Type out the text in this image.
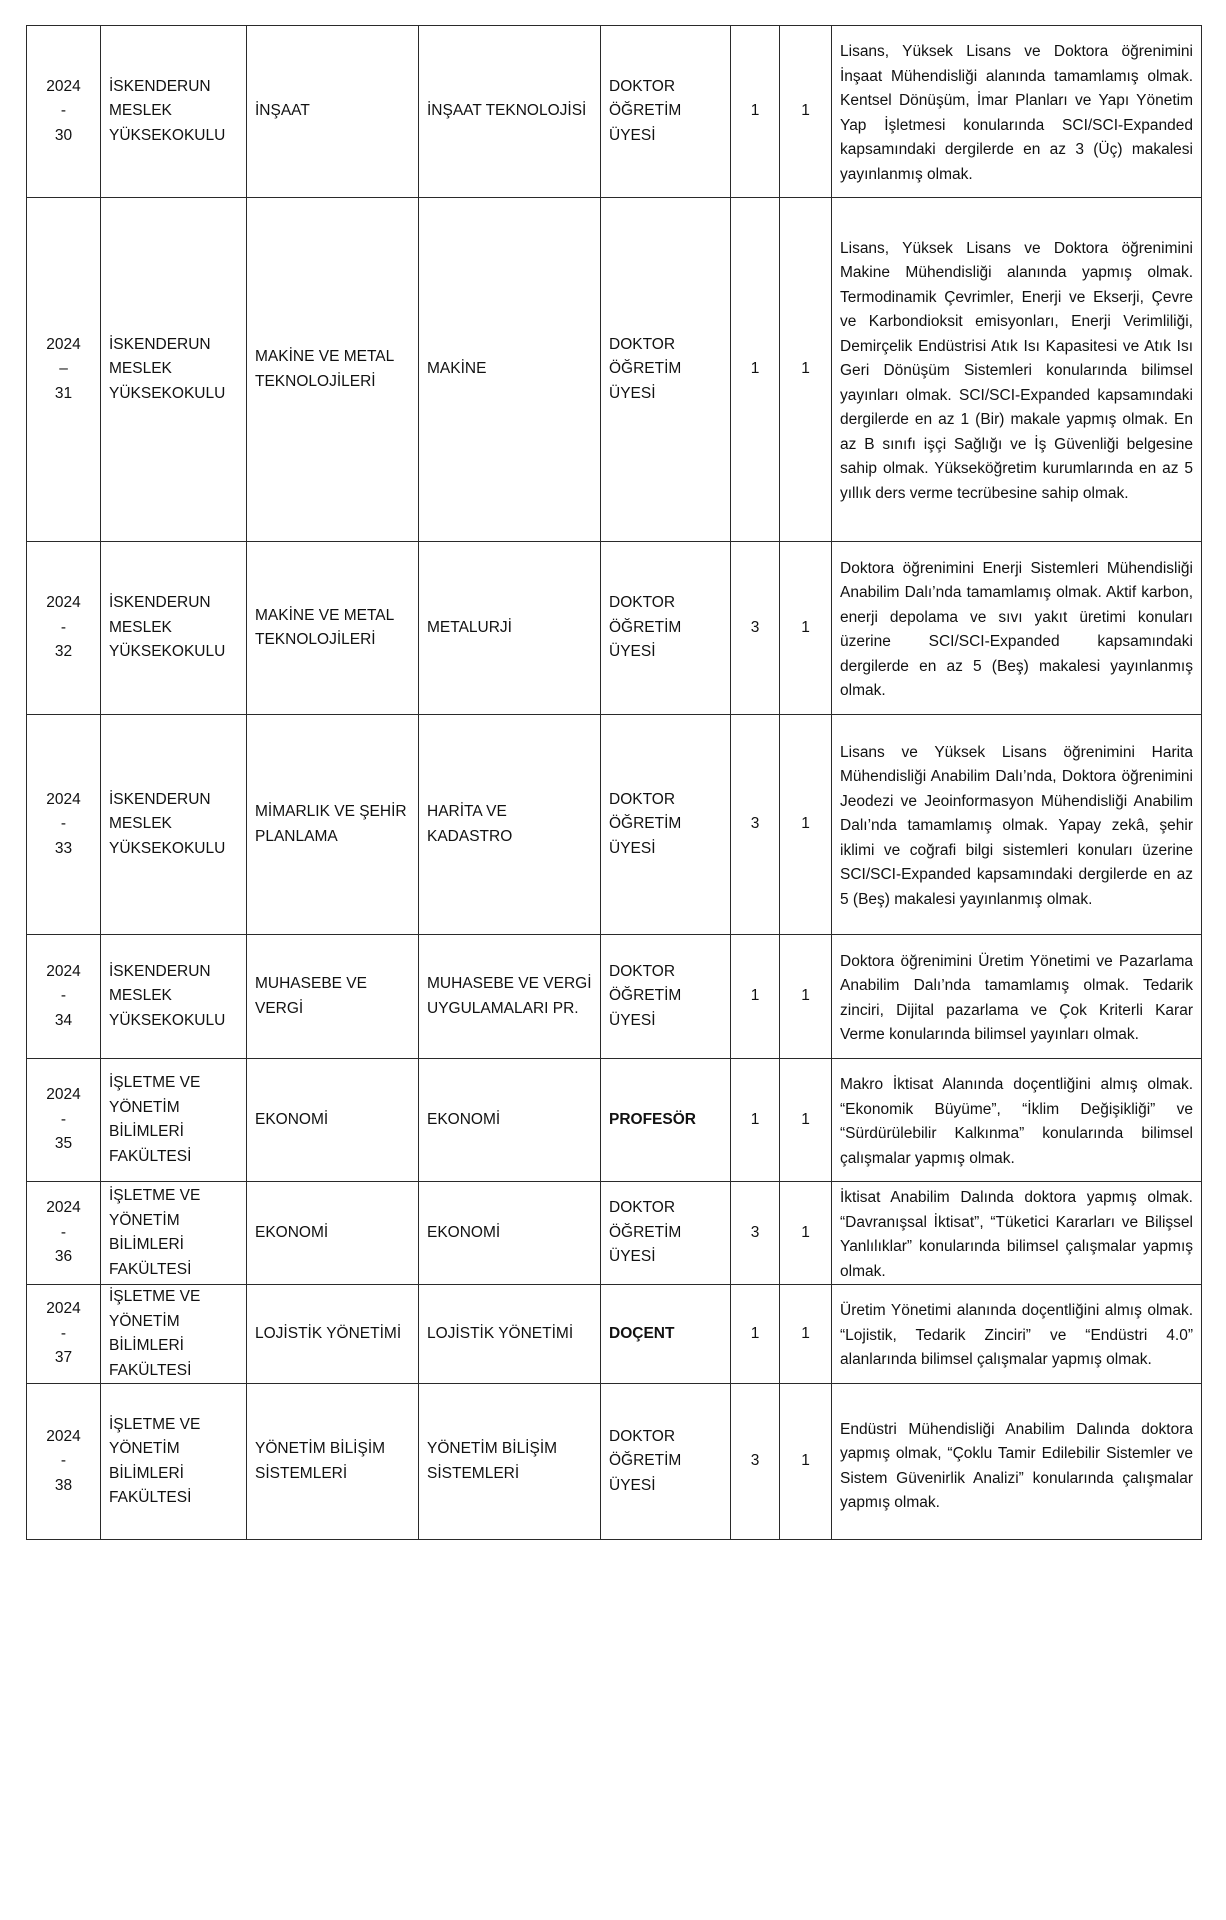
2024
-
30
	İSKENDERUN MESLEK YÜKSEKOKULU	İNŞAAT	İNŞAAT TEKNOLOJİSİ	DOKTOR ÖĞRETİM ÜYESİ	1	1	Lisans, Yüksek Lisans ve Doktora öğrenimini İnşaat Mühendisliği alanında tamamlamış olmak. Kentsel Dönüşüm, İmar Planları ve Yapı Yönetim Yap İşletmesi konularında SCI/SCI-Expanded kapsamındaki dergilerde en az 3 (Üç) makalesi yayınlanmış olmak.

2024
–
31
	İSKENDERUN MESLEK YÜKSEKOKULU	MAKİNE VE METAL TEKNOLOJİLERİ	MAKİNE	DOKTOR ÖĞRETİM ÜYESİ	1	1	Lisans, Yüksek Lisans ve Doktora öğrenimini Makine Mühendisliği alanında yapmış olmak. Termodinamik Çevrimler, Enerji ve Ekserji, Çevre ve Karbondioksit emisyonları, Enerji Verimliliği, Demirçelik Endüstrisi Atık Isı Kapasitesi ve Atık Isı Geri Dönüşüm Sistemleri konularında bilimsel yayınları olmak. SCI/SCI-Expanded kapsamındaki dergilerde en az 1 (Bir) makale yapmış olmak. En az B sınıfı işçi Sağlığı ve İş Güvenliği belgesine sahip olmak. Yükseköğretim kurumlarında en az 5 yıllık ders verme tecrübesine sahip olmak.

2024
-
32
	İSKENDERUN MESLEK YÜKSEKOKULU	MAKİNE VE METAL TEKNOLOJİLERİ	METALURJİ	DOKTOR ÖĞRETİM ÜYESİ	3	1	Doktora öğrenimini Enerji Sistemleri Mühendisliği Anabilim Dalı’nda tamamlamış olmak. Aktif karbon, enerji depolama ve sıvı yakıt üretimi konuları üzerine SCI/SCI-Expanded kapsamındaki dergilerde en az 5 (Beş) makalesi yayınlanmış olmak.

2024
-
33
	İSKENDERUN MESLEK YÜKSEKOKULU	MİMARLIK VE ŞEHİR PLANLAMA	HARİTA VE KADASTRO	DOKTOR ÖĞRETİM ÜYESİ	3	1	Lisans ve Yüksek Lisans öğrenimini Harita Mühendisliği Anabilim Dalı’nda, Doktora öğrenimini Jeodezi ve Jeoinformasyon Mühendisliği Anabilim Dalı’nda tamamlamış olmak. Yapay zekâ, şehir iklimi ve coğrafi bilgi sistemleri konuları üzerine SCI/SCI-Expanded kapsamındaki dergilerde en az 5 (Beş) makalesi yayınlanmış olmak.

2024
-
34	İSKENDERUN MESLEK YÜKSEKOKULU	MUHASEBE VE VERGİ	MUHASEBE VE VERGİ UYGULAMALARI PR.	DOKTOR ÖĞRETİM ÜYESİ	1	1	Doktora öğrenimini Üretim Yönetimi ve Pazarlama Anabilim Dalı’nda tamamlamış olmak. Tedarik zinciri, Dijital pazarlama ve Çok Kriterli Karar Verme konularında bilimsel yayınları olmak.

2024
-
35	İŞLETME VE YÖNETİM BİLİMLERİ FAKÜLTESİ	EKONOMİ	EKONOMİ	PROFESÖR	1	1	Makro İktisat Alanında doçentliğini almış olmak. “Ekonomik Büyüme”, “İklim Değişikliği” ve “Sürdürülebilir Kalkınma” konularında bilimsel çalışmalar yapmış olmak.

2024
-
36	İŞLETME VE YÖNETİM BİLİMLERİ FAKÜLTESİ	EKONOMİ	EKONOMİ	DOKTOR ÖĞRETİM ÜYESİ	3	1	İktisat Anabilim Dalında doktora yapmış olmak. “Davranışsal İktisat”, “Tüketici Kararları ve Bilişsel Yanlılıklar” konularında bilimsel çalışmalar yapmış olmak.

2024
-
37	İŞLETME VE YÖNETİM BİLİMLERİ FAKÜLTESİ	LOJİSTİK YÖNETİMİ	LOJİSTİK YÖNETİMİ	DOÇENT	1	1	Üretim Yönetimi alanında doçentliğini almış olmak. “Lojistik, Tedarik Zinciri” ve “Endüstri 4.0” alanlarında bilimsel çalışmalar yapmış olmak.

2024
-
38	İŞLETME VE YÖNETİM BİLİMLERİ FAKÜLTESİ	YÖNETİM BİLİŞİM SİSTEMLERİ	YÖNETİM BİLİŞİM SİSTEMLERİ	DOKTOR ÖĞRETİM ÜYESİ	3	1	Endüstri Mühendisliği Anabilim Dalında doktora yapmış olmak, “Çoklu Tamir Edilebilir Sistemler ve Sistem Güvenirlik Analizi” konularında çalışmalar yapmış olmak.
